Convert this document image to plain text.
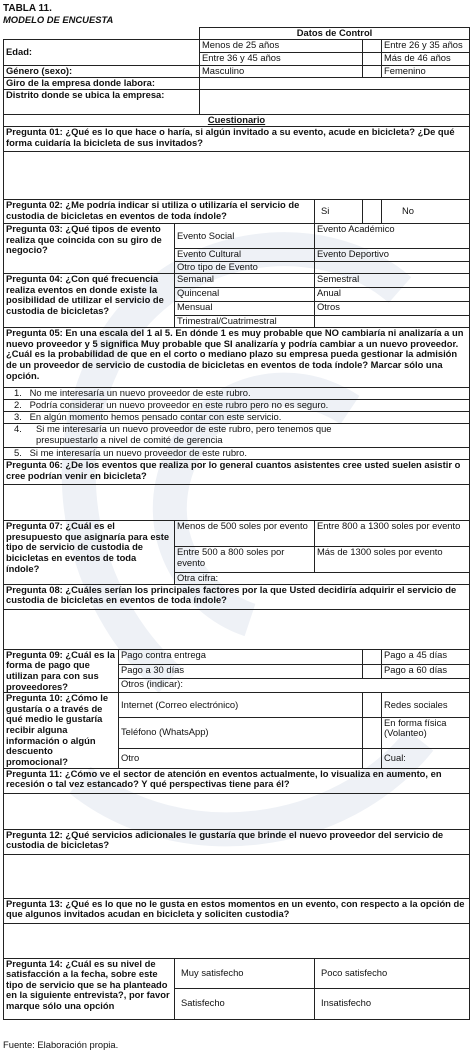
TABLA 11.
MODELO DE ENCUESTA
			Datos de Control			
Edad:			Menos de 25 años			Entre 26 y 35 años
			Entre 36 y 45 años			Más de 46 años
Género (sexo):			Masculino			Femenino
Giro de la empresa donde labora:						
Distrito donde se ubica la empresa:						
Cuestionario						
Pregunta 01: ¿Qué es lo que hace o haría, si algún invitado a su evento, acude en bicicleta? ¿De qué forma cuidaría la bicicleta de sus invitados?						

Pregunta 02: ¿Me podría indicar si utiliza o utilizaría el servicio de custodia de bicicletas en eventos de toda índole?				Si		No
Pregunta 03: ¿Qué tipos de evento realiza que coincida con su giro de negocio?		Evento Social		Evento Académico		
		Evento Cultural		Evento Deportivo		
		Otro tipo de Evento				
Pregunta 04: ¿Con qué frecuencia realiza eventos en donde existe la posibilidad de utilizar el servicio de custodia de bicicletas?		Semanal		Semestral		
		Quincenal		Anual		
		Mensual		Otros		
		Trimestral/Cuatrimestral				
Pregunta 05: En una escala del 1 al 5. En dónde 1 es muy probable que NO cambiaría ni analizaría a un nuevo proveedor y 5 significa Muy probable que SI analizaría y podría cambiar a un nuevo proveedor. ¿Cuál es la probabilidad de que en el corto o mediano plazo su empresa pueda gestionar la admisión de un proveedor de servicio de custodia de bicicletas en eventos de toda índole? Marcar sólo una opción.						
1. No me interesaría un nuevo proveedor de este rubro.						
2. Podría considerar un nuevo proveedor en este rubro pero no es seguro.						
3. En algún momento hemos pensado contar con este servicio.						

4. Si me interesaría un nuevo proveedor de este rubro, pero tenemos que presupuestarlo a nivel de comité de gerencia						

5. Si me interesaría un nuevo proveedor de este rubro.						
Pregunta 06: ¿De los eventos que realiza por lo general cuantos asistentes cree usted suelen asistir o cree podrían venir en bicicleta?						

Pregunta 07: ¿Cuál es el presupuesto que asignaría para este tipo de servicio de custodia de bicicletas en eventos de toda índole?		Menos de 500 soles por evento		Entre 800 a 1300 soles por evento		
		Entre 500 a 800 soles por evento		Más de 1300 soles por evento		
		Otra cifra:				
Pregunta 08: ¿Cuáles serían los principales factores por la que Usted decidiría adquirir el servicio de custodia de bicicletas en eventos de toda índole?						

Pregunta 09: ¿Cuál es la forma de pago que utilizan para con sus proveedores?	Pago contra entrega					Pago a 45 días
	Pago a 30 días					Pago a 60 días
	Otros (indicar):					
Pregunta 10: ¿Cómo le gustaría o a través de qué medio le gustaría recibir alguna información o algún descuento promocional?	Internet (Correo electrónico)					Redes sociales
	Teléfono (WhatsApp)					En forma física (Volanteo)
	Otro					Cual:
Pregunta 11: ¿Cómo ve el sector de atención en eventos actualmente, lo visualiza en aumento, en recesión o tal vez estancado? Y qué perspectivas tiene para él?						

Pregunta 12: ¿Qué servicios adicionales le gustaría que brinde el nuevo proveedor del servicio de custodia de bicicletas?						

Pregunta 13: ¿Qué es lo que no le gusta en estos momentos en un evento, con respecto a la opción de que algunos invitados acudan en bicicleta y soliciten custodia?						

Pregunta 14: ¿Cuál es su nivel de satisfacción a la fecha, sobre este tipo de servicio que se ha planteado en la siguiente entrevista?, por favor marque sólo una opción		Muy satisfecho		Poco satisfecho		
		Satisfecho		Insatisfecho		
Fuente: Elaboración propia.
